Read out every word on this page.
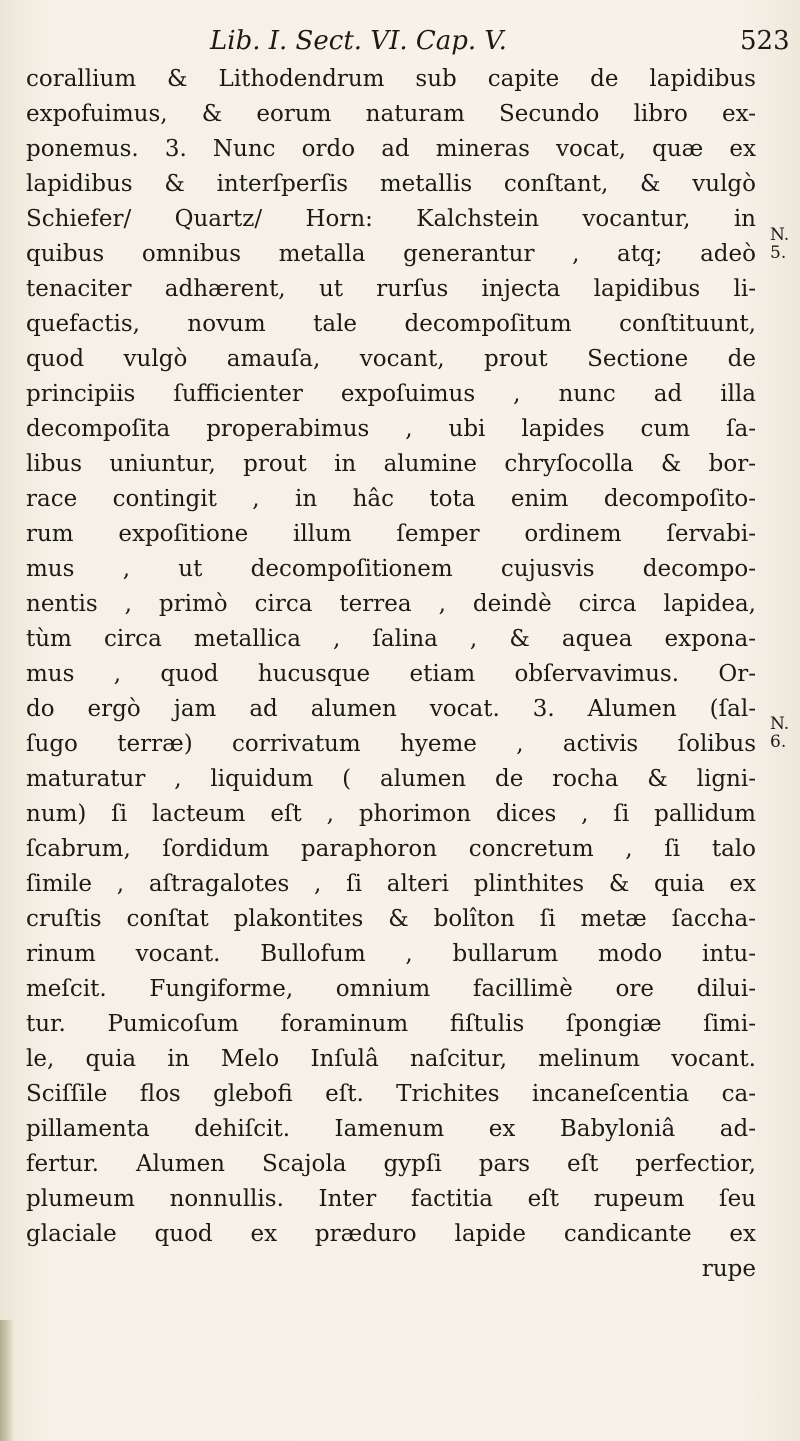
Lib. I. Sect. VI. Cap. V.	523
corallium & Lithodendrum sub capite de lapidibus
expofuimus, & eorum naturam Secundo libro ex-
ponemus. 3. Nunc ordo ad mineras vocat, quæ ex
lapidibus & interſperſis metallis conſtant, & vulgò
Schiefer/ Quartz/ Horn: Kalchstein vocantur, in
quibus omnibus metalla generantur , atq; adeò
tenaciter adhærent, ut rurſus injecta lapidibus li-
quefactis, novum tale decompoſitum conſtituunt,
quod vulgò amauſa, vocant, prout Sectione de
principiis ſufficienter expoſuimus , nunc ad illa
decompoſita properabimus , ubi lapides cum ſa-
libus uniuntur, prout in alumine chryſocolla & bor-
race contingit , in hâc tota enim decompoſito-
rum expoſitione illum ſemper ordinem ſervabi-
mus , ut decompoſitionem cujusvis decompo-
nentis , primò circa terrea , deindè circa lapidea,
tùm circa metallica , ſalina , & aquea expona-
mus , quod hucusque etiam obſervavimus. Or-
do ergò jam ad alumen vocat. 3. Alumen (ſal-
ſugo terræ) corrivatum hyeme , activis ſolibus
maturatur , liquidum ( alumen de rocha & ligni-
num) ſi lacteum eſt , phorimon dices , ſi pallidum
ſcabrum, ſordidum paraphoron concretum , ſi talo
ſimile , aſtragalotes , ſi alteri plinthites & quia ex
cruſtis conſtat plakontites & bolîton ſi metæ ſaccha-
rinum vocant. Bullofum , bullarum modo intu-
meſcit. Fungiforme, omnium facillimè ore dilui-
tur. Pumicoſum foraminum fiſtulis ſpongiæ ſimi-
le, quia in Melo Inſulâ naſcitur, melinum vocant.
Sciſſile flos glebofi eſt. Trichites incaneſcentia ca-
pillamenta dehiſcit. Iamenum ex Babyloniâ ad-
fertur. Alumen Scajola gypſi pars eſt perfectior,
plumeum nonnullis. Inter factitia eſt rupeum ſeu
glaciale quod ex præduro lapide candicante ex
rupe
N. 5.
N. 6.
